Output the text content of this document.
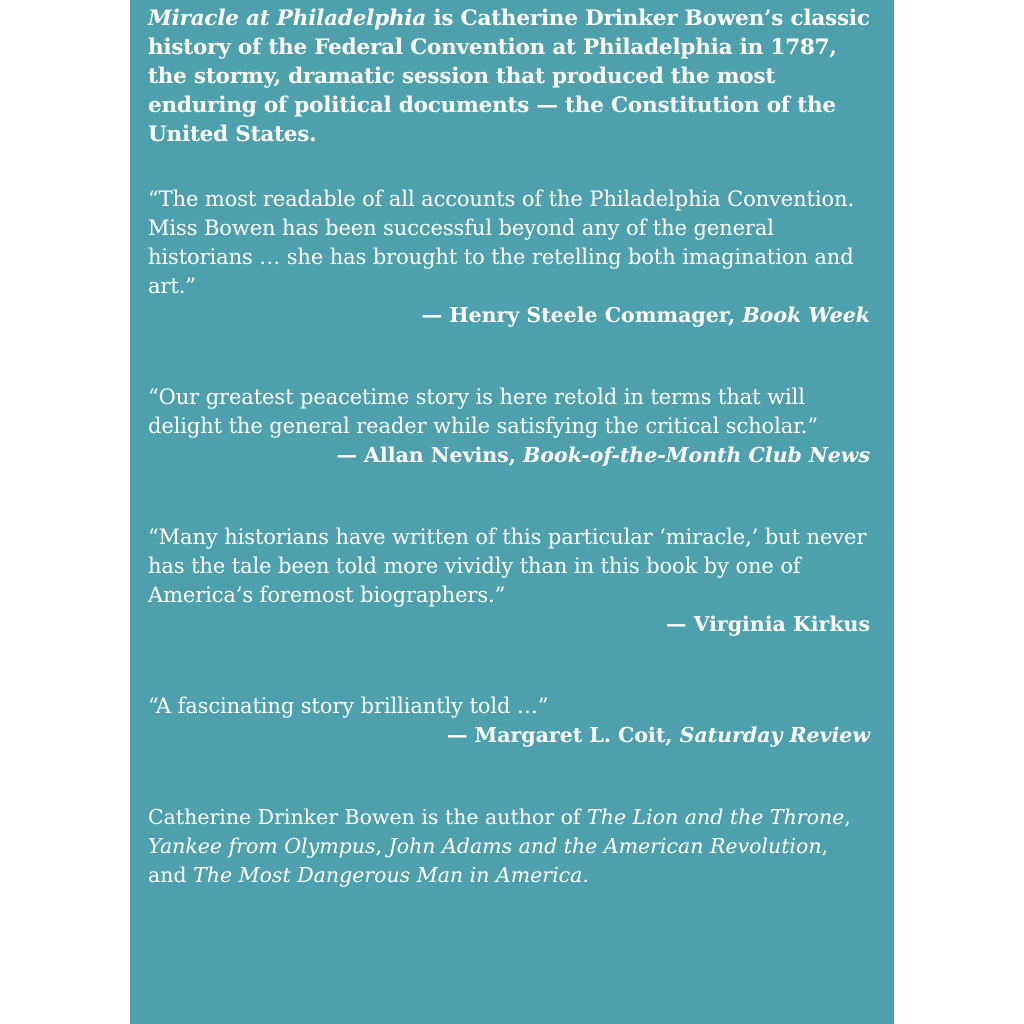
Miracle at Philadelphia is Catherine Drinker Bowen’s classic history of the Federal Convention at Philadelphia in 1787, the stormy, dramatic session that produced the most enduring of political documents — the Constitution of the United States.

“The most readable of all accounts of the Philadelphia Convention. Miss Bowen has been successful beyond any of the general historians … she has brought to the retelling both imagination and art.”

— Henry Steele Commager, Book Week

“Our greatest peacetime story is here retold in terms that will delight the general reader while satisfying the critical scholar.”

— Allan Nevins, Book-of-the-Month Club News

“Many historians have written of this particular ‘miracle,’ but never has the tale been told more vividly than in this book by one of America’s foremost biographers.”

— Virginia Kirkus

“A fascinating story brilliantly told …”

— Margaret L. Coit, Saturday Review

Catherine Drinker Bowen is the author of The Lion and the Throne, Yankee from Olympus, John Adams and the American Revolution, and The Most Dangerous Man in America.
